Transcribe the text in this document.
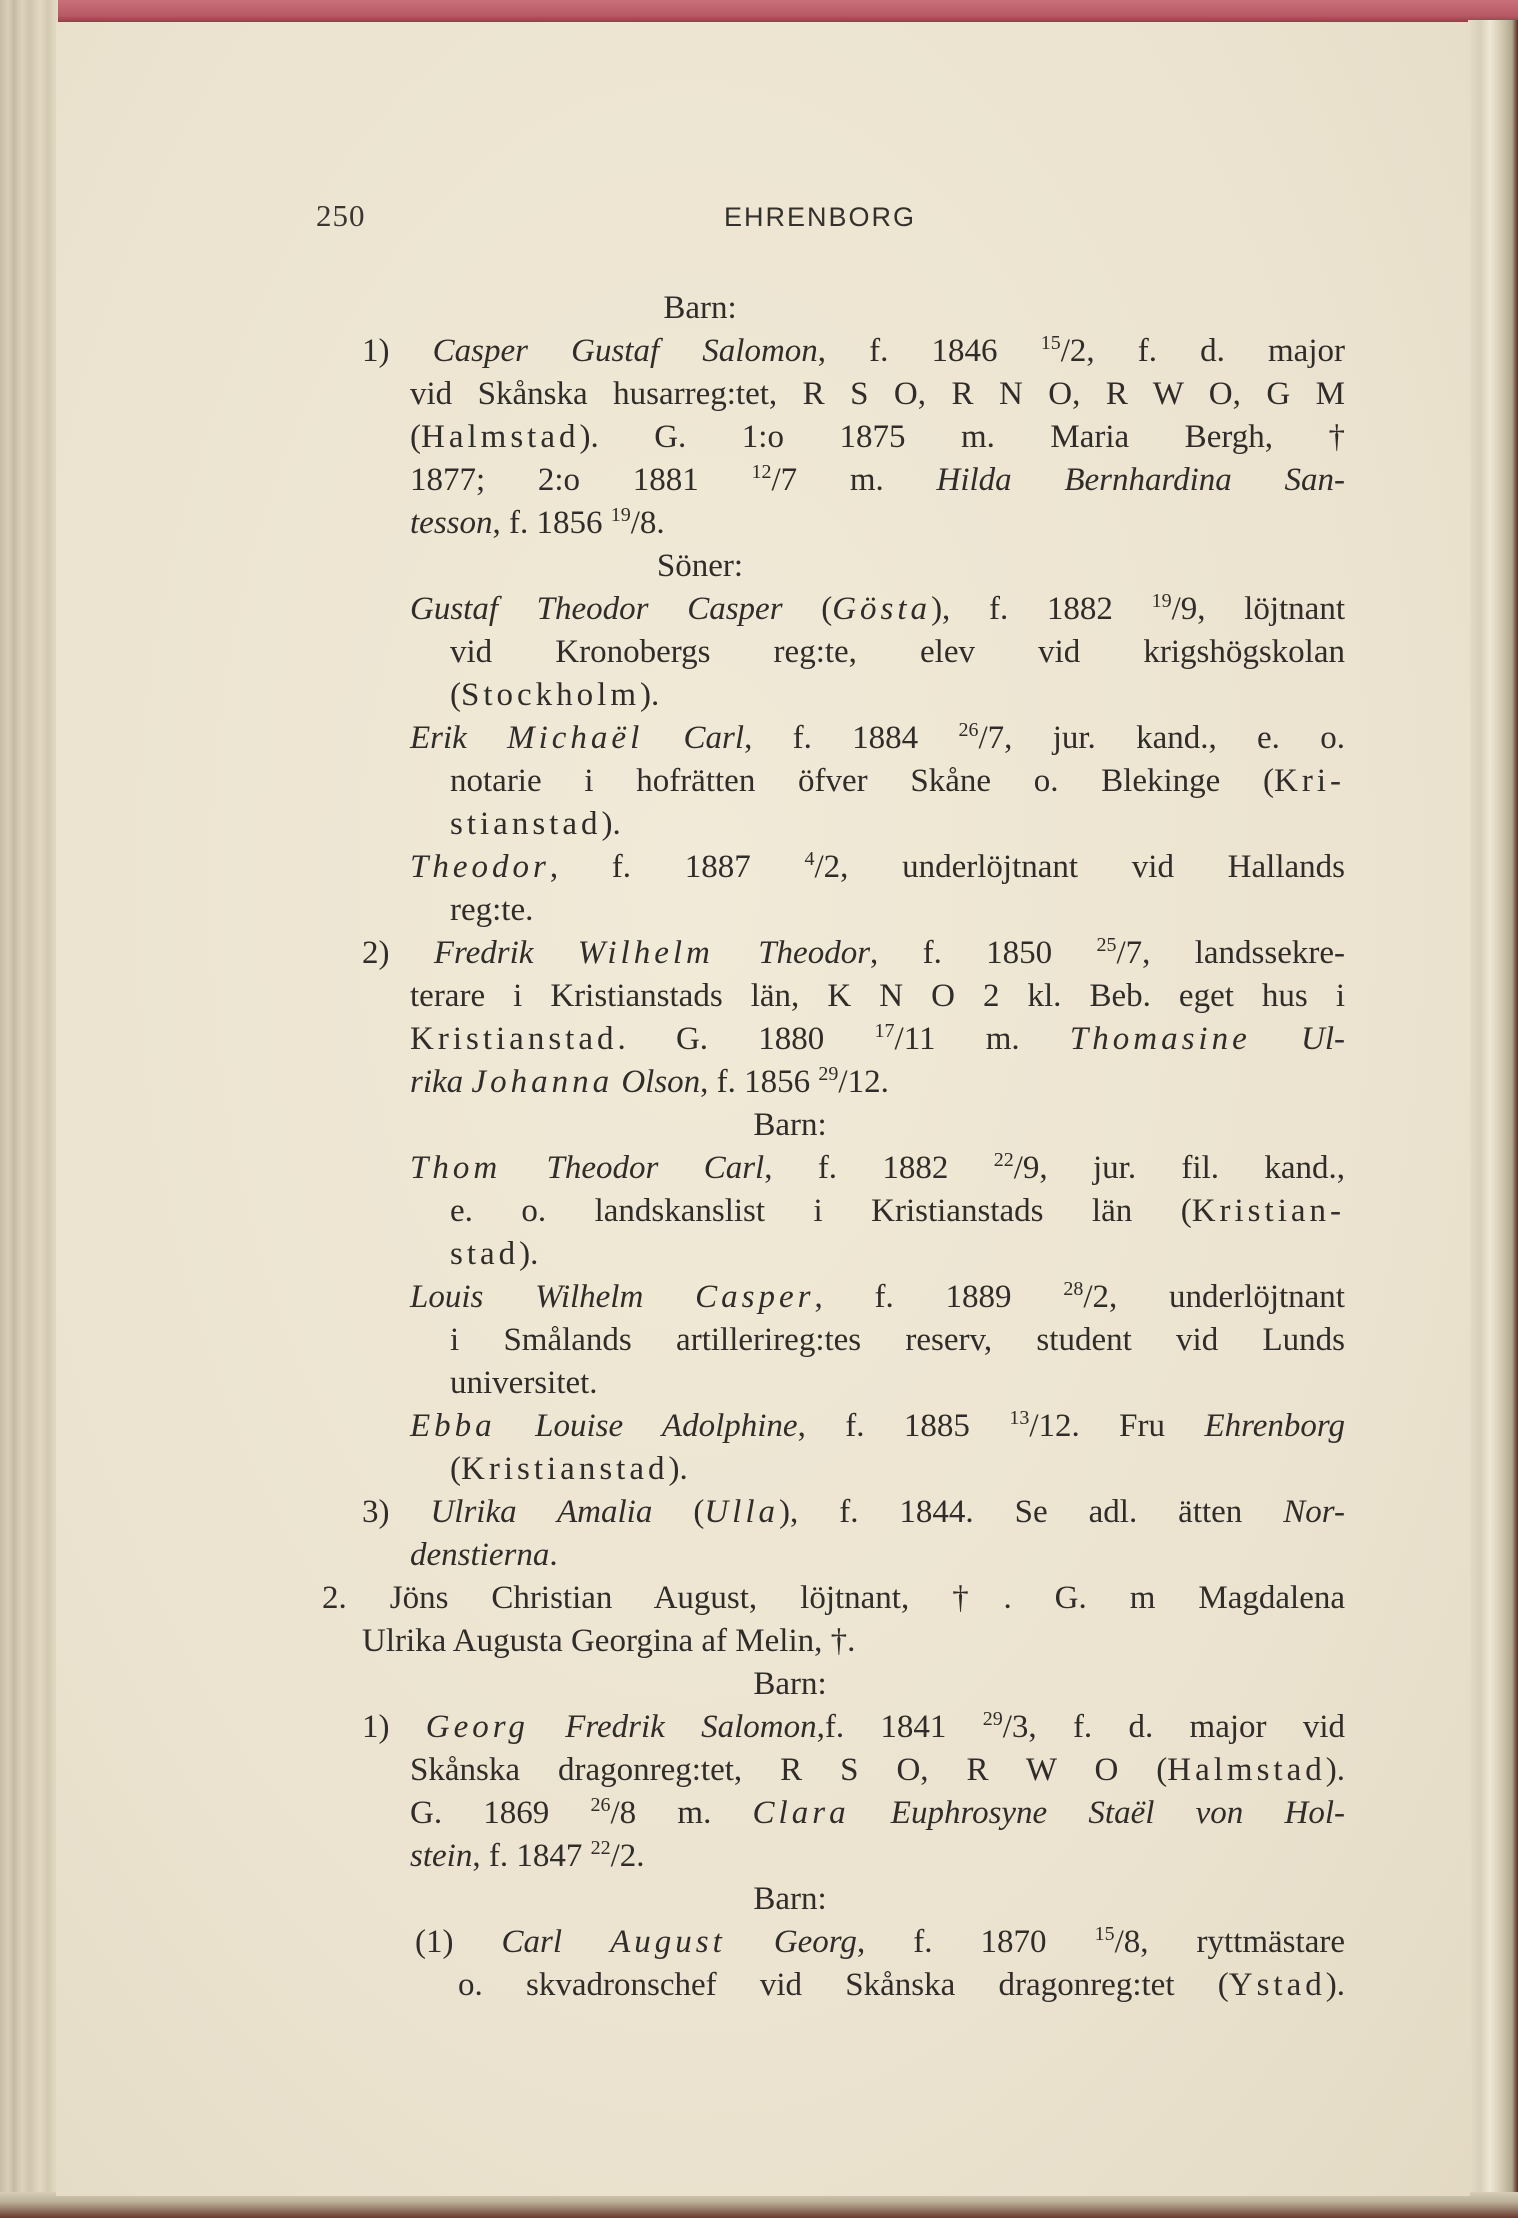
250	EHRENBORG
Barn:
1) Casper Gustaf Salomon, f. 1846 $^{15}$/2, f. d. major
vid Skånska husarreg:tet, R S O, R N O, R W O, G M
(Halmstad). G. 1:o 1875 m. Maria Bergh, †
1877; 2:o 1881 $^{12}$/7 m. Hilda Bernhardina San-
tesson, f. 1856 $^{19}$/8.
Söner:
Gustaf Theodor Casper (Gösta), f. 1882 $^{19}$/9, löjtnant
vid Kronobergs reg:te, elev vid krigshögskolan
(Stockholm).
Erik Michaël Carl, f. 1884 $^{26}$/7, jur. kand., e. o.
notarie i hofrätten öfver Skåne o. Blekinge (Kri-
stianstad).
Theodor, f. 1887 $^4$/2, underlöjtnant vid Hallands
reg:te.
2) Fredrik Wilhelm Theodor, f. 1850 $^{25}$/7, landssekre-
terare i Kristianstads län, K N O 2 kl. Beb. eget hus i
Kristianstad. G. 1880 $^{17}$/11 m. Thomasine Ul-
rika Johanna Olson, f. 1856 $^{29}$/12.
Barn:
Thom Theodor Carl, f. 1882 $^{22}$/9, jur. fil. kand.,
e. o. landskanslist i Kristianstads län (Kristian-
stad).
Louis Wilhelm Casper, f. 1889 $^{28}$/2, underlöjtnant
i Smålands artillerireg:tes reserv, student vid Lunds
universitet.
Ebba Louise Adolphine, f. 1885 $^{13}$/12. Fru Ehrenborg
(Kristianstad).
3) Ulrika Amalia (Ulla), f. 1844. Se adl. ätten Nor-
denstierna.
2. Jöns Christian August, löjtnant, †. G. m Magdalena
Ulrika Augusta Georgina af Melin, †.
Barn:
1) Georg Fredrik Salomon,f. 1841 $^{29}$/3, f. d. major vid
Skånska dragonreg:tet, R S O, R W O (Halmstad).
G. 1869 $^{26}$/8 m. Clara Euphrosyne Staël von Hol-
stein, f. 1847 $^{22}$/2.
Barn:
(1) Carl August Georg, f. 1870 $^{15}$/8, ryttmästare
o. skvadronschef vid Skånska dragonreg:tet (Ystad).
